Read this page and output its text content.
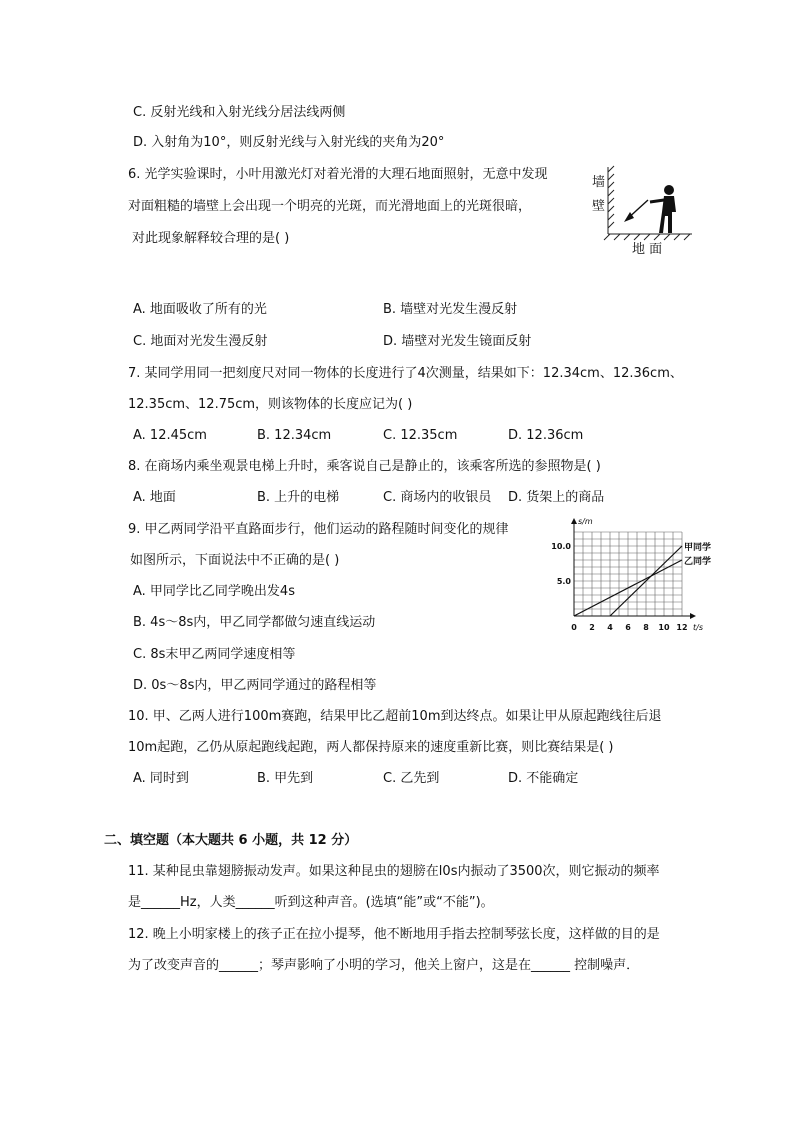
C. 反射光线和入射光线分居法线两侧
D. 入射角为10°，则反射光线与入射光线的夹角为20°
6. 光学实验课时，小叶用激光灯对着光滑的大理石地面照射，无意中发现
对面粗糙的墙壁上会出现一个明亮的光斑，而光滑地面上的光斑很暗，
对此现象解释较合理的是( )
墙
壁
地 面
A. 地面吸收了所有的光	B. 墙壁对光发生漫反射
C. 地面对光发生漫反射	D. 墙壁对光发生镜面反射
7. 某同学用同一把刻度尺对同一物体的长度进行了4次测量，结果如下：12.34cm、12.36cm、
12.35cm、12.75cm，则该物体的长度应记为( )
A. 12.45cm	B. 12.34cm	C. 12.35cm	D. 12.36cm
8. 在商场内乘坐观景电梯上升时，乘客说自己是静止的，该乘客所选的参照物是( )
A. 地面	B. 上升的电梯	C. 商场内的收银员 D. 货架上的商品
9. 甲乙两同学沿平直路面步行，他们运动的路程随时间变化的规律
如图所示，下面说法中不正确的是( )
A. 甲同学比乙同学晚出发4s
B. 4s～8s内，甲乙同学都做匀速直线运动
C. 8s末甲乙两同学速度相等
D. 0s～8s内，甲乙两同学通过的路程相等
0 2 4 6 8 10 12
5.0
10.0
t/s
s/m
甲同学
乙同学
10. 甲、乙两人进行100m赛跑，结果甲比乙超前10m到达终点。如果让甲从原起跑线往后退
10m起跑，乙仍从原起跑线起跑，两人都保持原来的速度重新比赛，则比赛结果是( )
A. 同时到	B. 甲先到	C. 乙先到	D. 不能确定
二、填空题（本大题共 6 小题，共 12 分）
11. 某种昆虫靠翅膀振动发声。如果这种昆虫的翅膀在l0s内振动了3500次，则它振动的频率
是______Hz，人类______听到这种声音。(选填“能”或“不能”)。
12. 晚上小明家楼上的孩子正在拉小提琴，他不断地用手指去控制琴弦长度，这样做的目的是
为了改变声音的______；琴声影响了小明的学习，他关上窗户，这是在______ 控制噪声．
